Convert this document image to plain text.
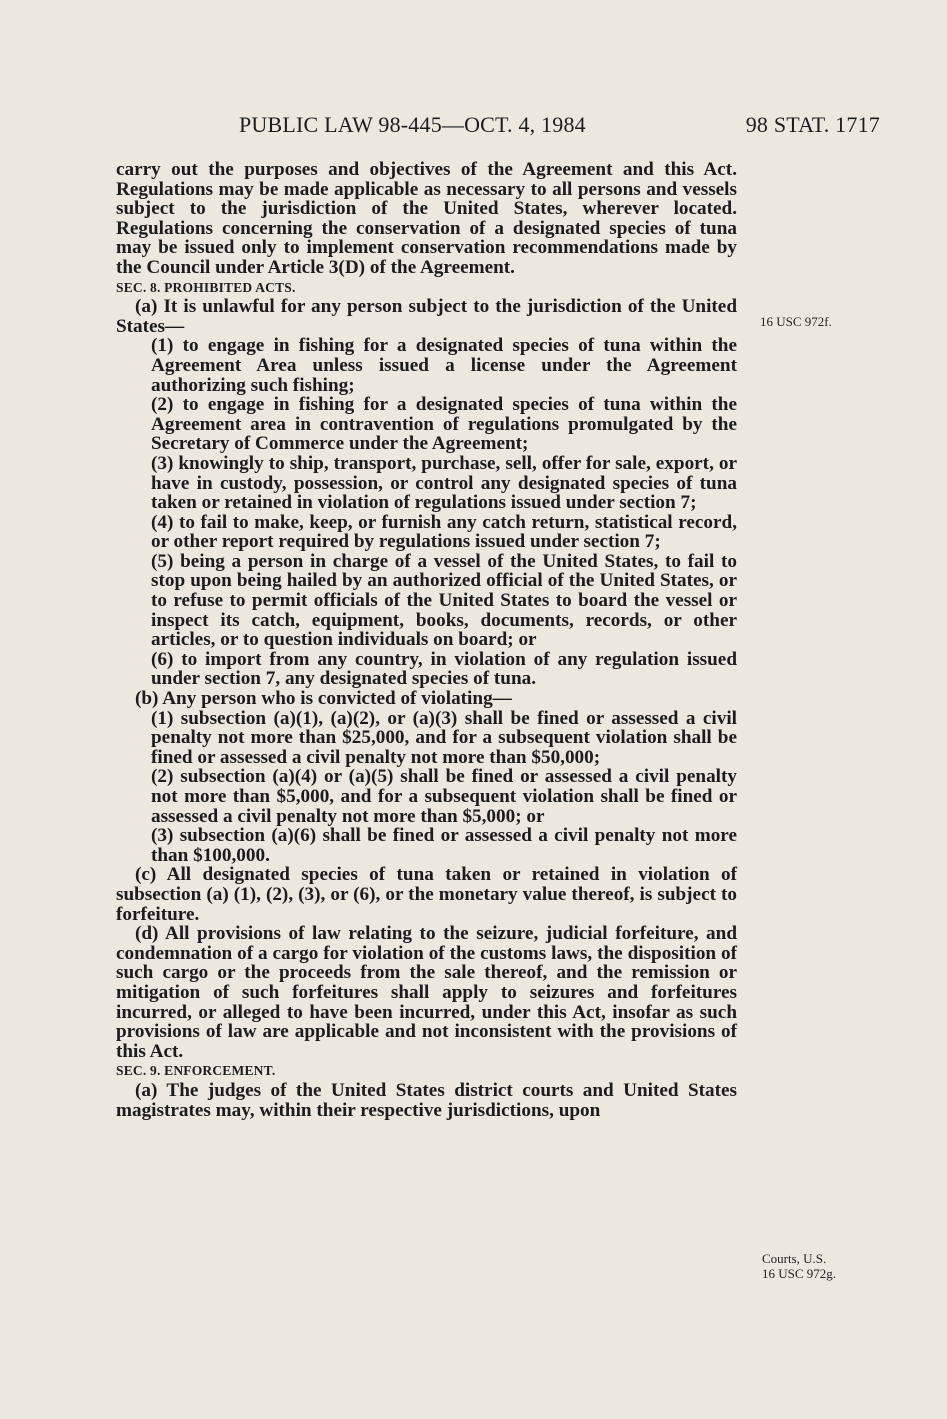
PUBLIC LAW 98-445—OCT. 4, 1984	98 STAT. 1717

carry out the purposes and objectives of the Agreement and this Act. Regulations may be made applicable as necessary to all persons and vessels subject to the jurisdiction of the United States, wherever located. Regulations concerning the conservation of a designated species of tuna may be issued only to implement conservation recommendations made by the Council under Article 3(D) of the Agreement.

SEC. 8. PROHIBITED ACTS.

(a) It is unlawful for any person subject to the jurisdiction of the United States—

(1) to engage in fishing for a designated species of tuna within the Agreement Area unless issued a license under the Agreement authorizing such fishing;

(2) to engage in fishing for a designated species of tuna within the Agreement area in contravention of regulations promulgated by the Secretary of Commerce under the Agreement;

(3) knowingly to ship, transport, purchase, sell, offer for sale, export, or have in custody, possession, or control any designated species of tuna taken or retained in violation of regulations issued under section 7;

(4) to fail to make, keep, or furnish any catch return, statistical record, or other report required by regulations issued under section 7;

(5) being a person in charge of a vessel of the United States, to fail to stop upon being hailed by an authorized official of the United States, or to refuse to permit officials of the United States to board the vessel or inspect its catch, equipment, books, documents, records, or other articles, or to question individuals on board; or

(6) to import from any country, in violation of any regulation issued under section 7, any designated species of tuna.

(b) Any person who is convicted of violating—

(1) subsection (a)(1), (a)(2), or (a)(3) shall be fined or assessed a civil penalty not more than $25,000, and for a subsequent violation shall be fined or assessed a civil penalty not more than $50,000;

(2) subsection (a)(4) or (a)(5) shall be fined or assessed a civil penalty not more than $5,000, and for a subsequent violation shall be fined or assessed a civil penalty not more than $5,000; or

(3) subsection (a)(6) shall be fined or assessed a civil penalty not more than $100,000.

(c) All designated species of tuna taken or retained in violation of subsection (a) (1), (2), (3), or (6), or the monetary value thereof, is subject to forfeiture.

(d) All provisions of law relating to the seizure, judicial forfeiture, and condemnation of a cargo for violation of the customs laws, the disposition of such cargo or the proceeds from the sale thereof, and the remission or mitigation of such forfeitures shall apply to seizures and forfeitures incurred, or alleged to have been incurred, under this Act, insofar as such provisions of law are applicable and not inconsistent with the provisions of this Act.

SEC. 9. ENFORCEMENT.

(a) The judges of the United States district courts and United States magistrates may, within their respective jurisdictions, upon

16 USC 972f.
Courts, U.S.
16 USC 972g.
